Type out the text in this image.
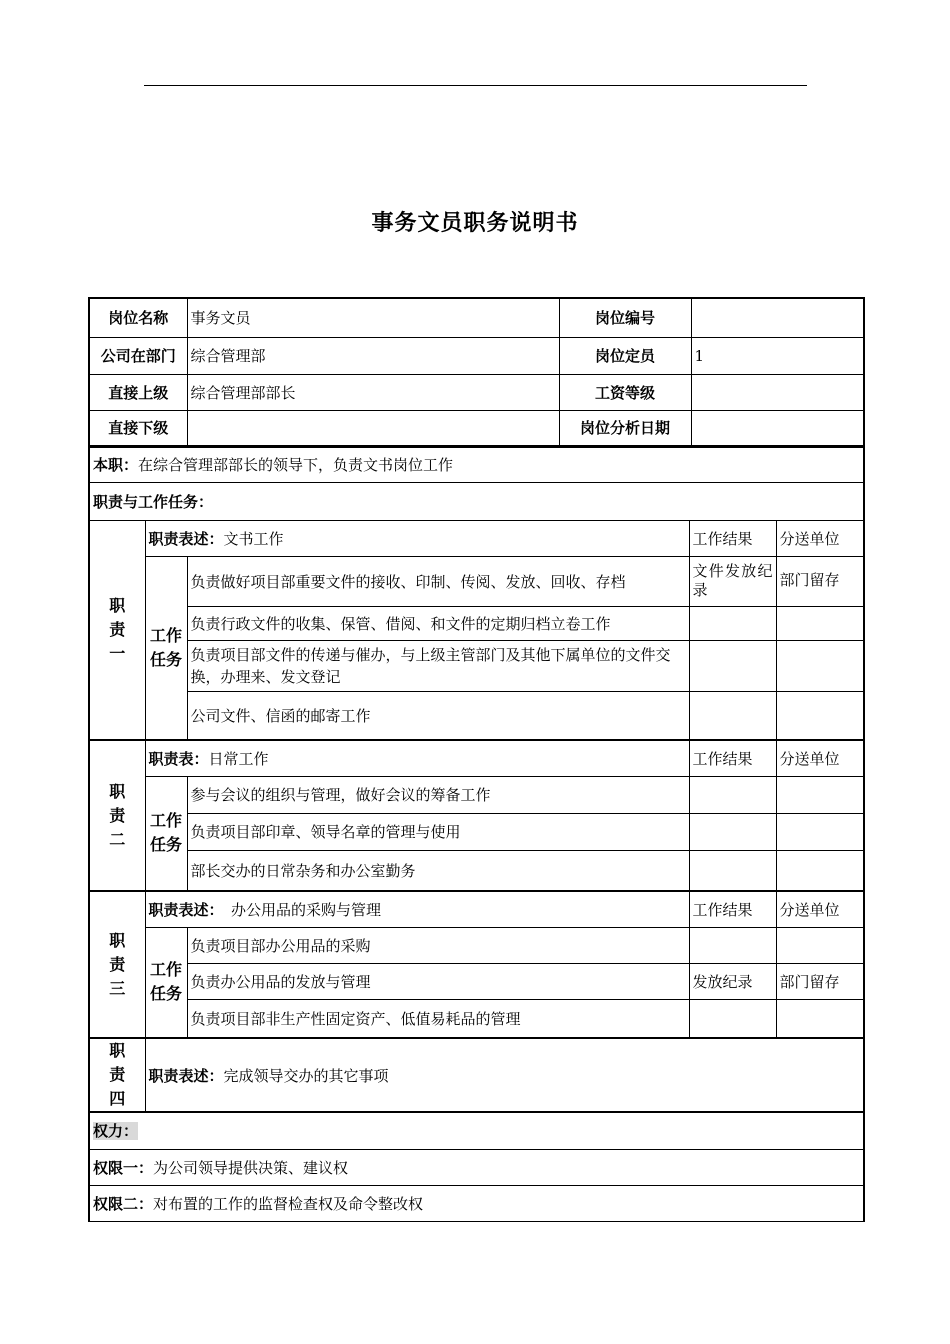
事务文员职务说明书
岗位名称	事务文员	岗位编号	
公司在部门	综合管理部	岗位定员	1
直接上级	综合管理部部长	工资等级	
直接下级		岗位分析日期	
本职：在综合管理部部长的领导下，负责文书岗位工作				
职责与工作任务：				
职
责
一	职责表述：文书工作		工作结果	分送单位
	工作
任务	负责做好项目部重要文件的接收、印制、传阅、发放、回收、存档	文件发放纪录	部门留存
		负责行政文件的收集、保管、借阅、和文件的定期归档立卷工作		
		负责项目部文件的传递与催办，与上级主管部门及其他下属单位的文件交换，办理来、发文登记		
		公司文件、信函的邮寄工作		
职
责
二	职责表：日常工作		工作结果	分送单位
	工作
任务	参与会议的组织与管理，做好会议的筹备工作		
		负责项目部印章、领导名章的管理与使用		
		部长交办的日常杂务和办公室勤务		
职
责
三	职责表述：　办公用品的采购与管理		工作结果	分送单位
	工作
任务	负责项目部办公用品的采购		
		负责办公用品的发放与管理	发放纪录	部门留存
		负责项目部非生产性固定资产、低值易耗品的管理		
职
责
四	职责表述：完成领导交办的其它事项			
权力：				
权限一：为公司领导提供决策、建议权				
权限二：对布置的工作的监督检查权及命令整改权				
